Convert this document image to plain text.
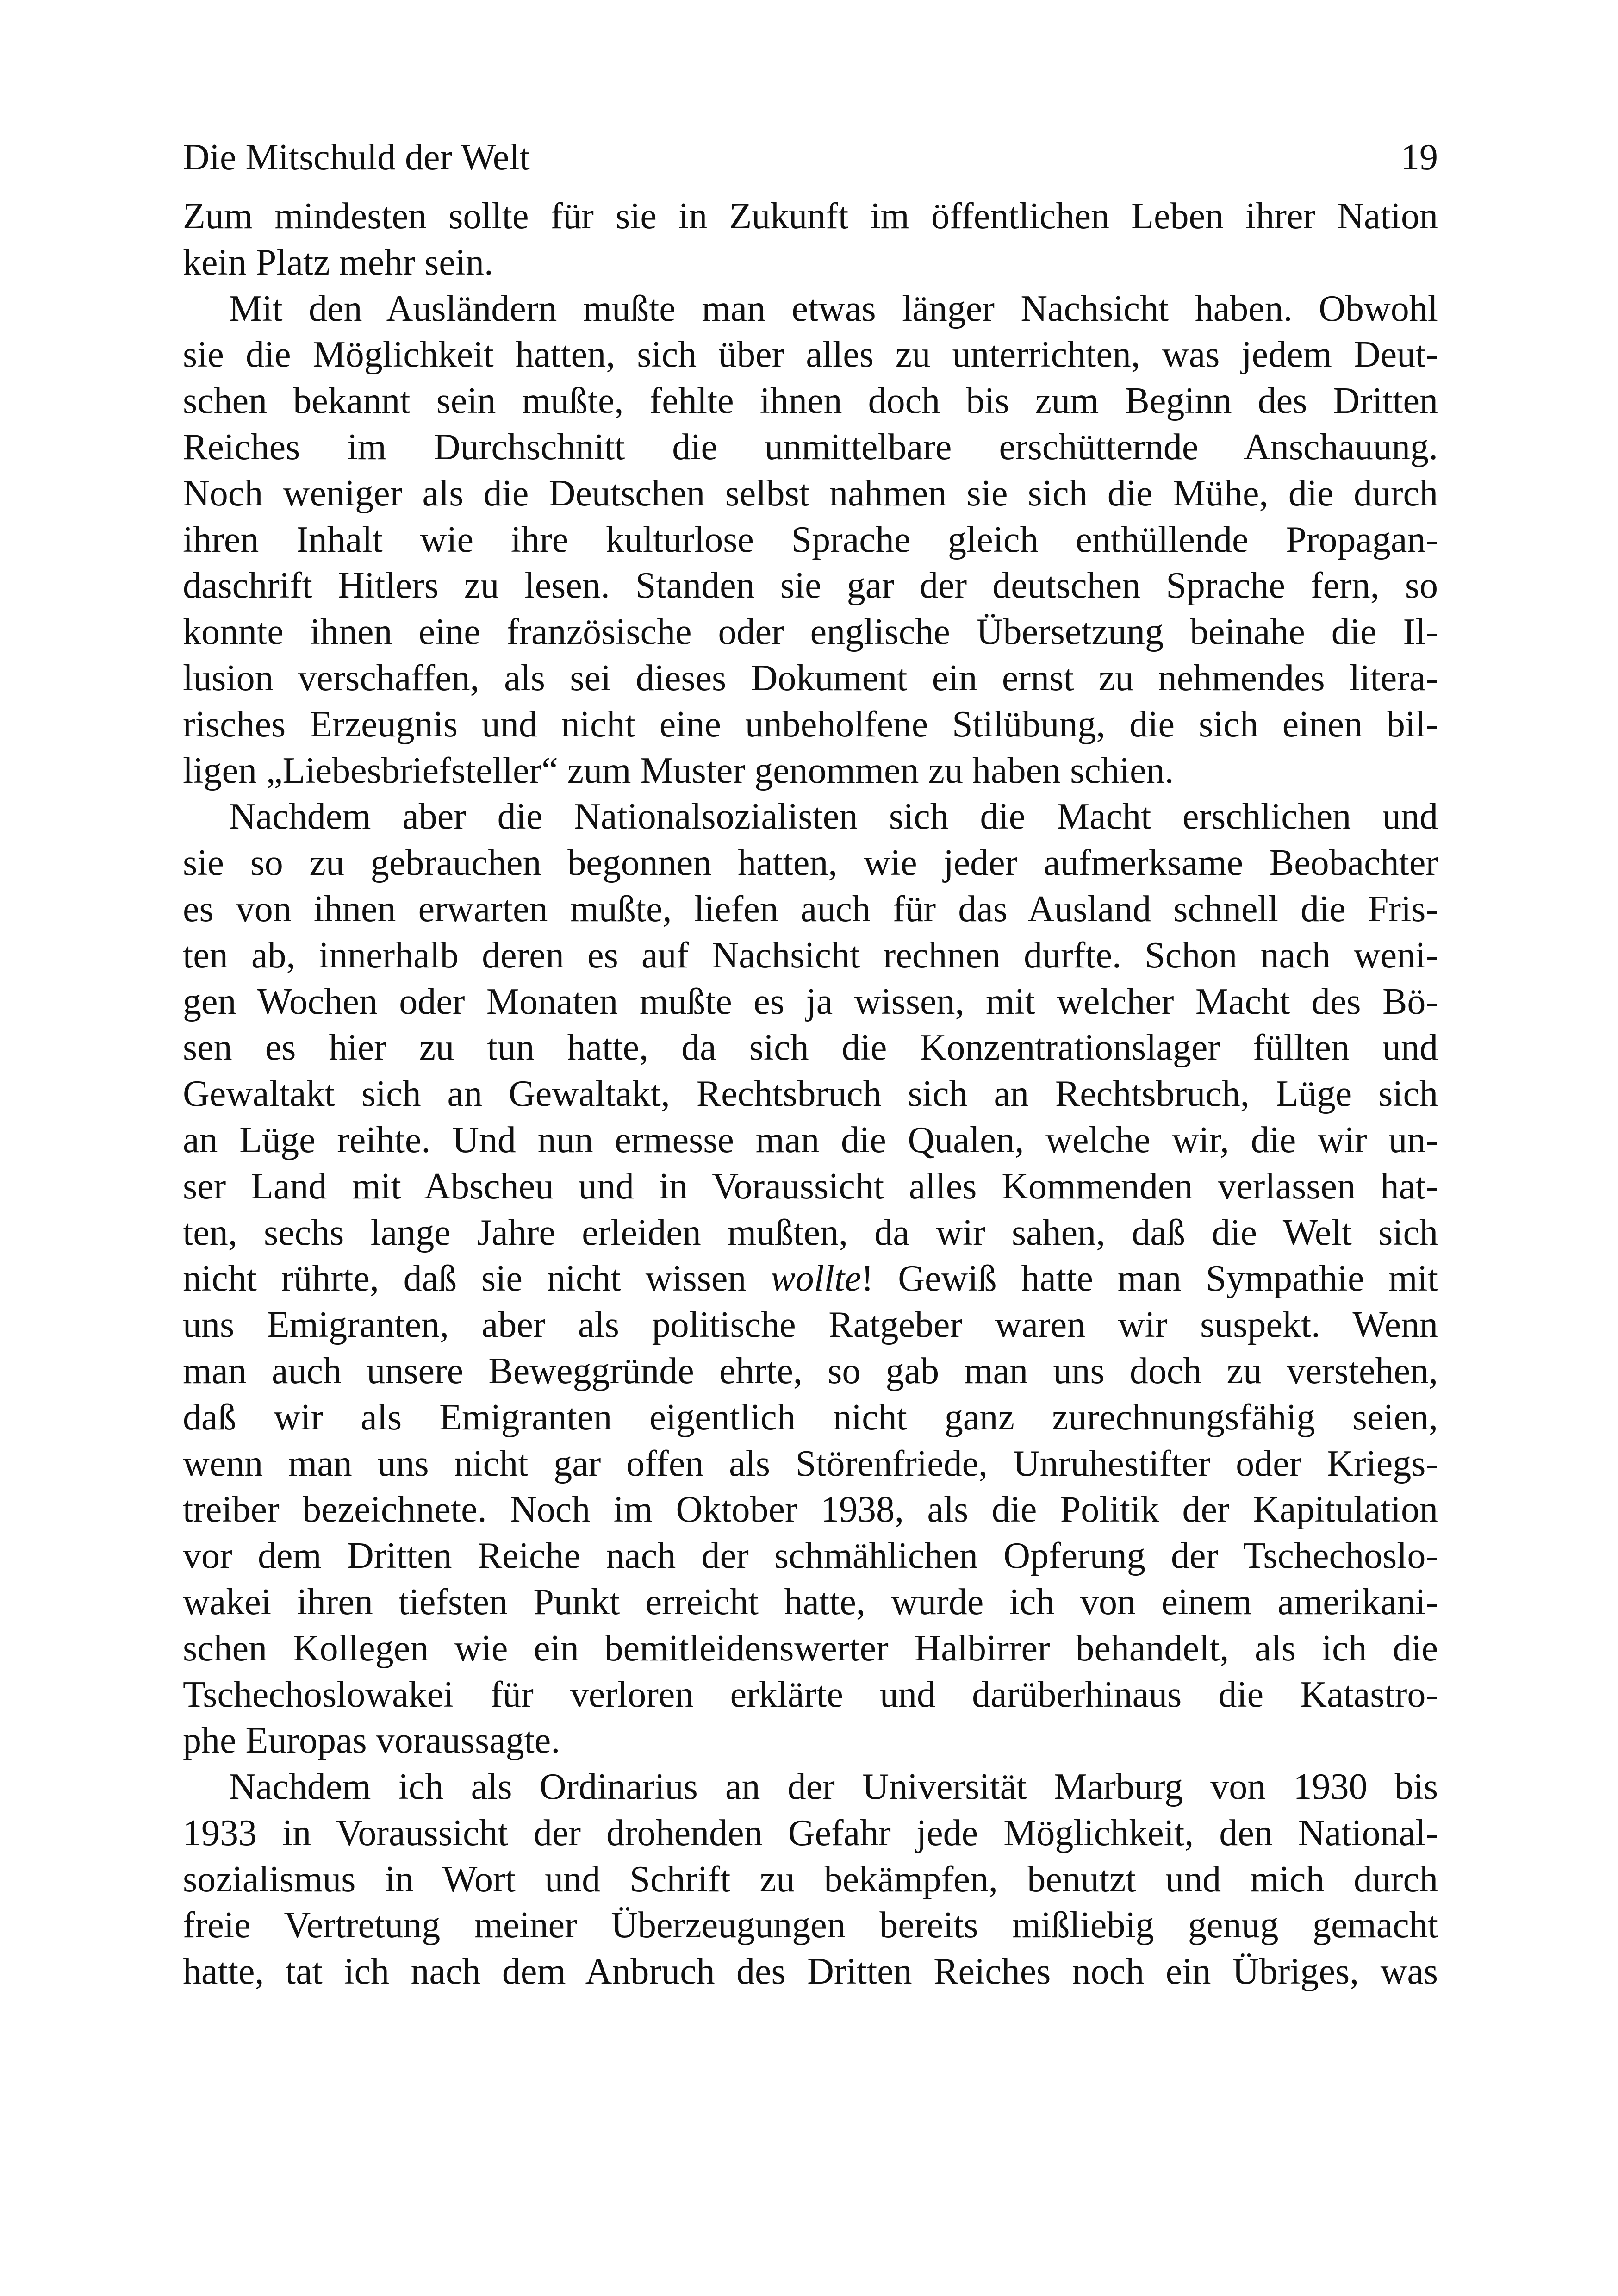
Die Mitschuld der Welt	19

Zum mindesten sollte für sie in Zukunft im öffentlichen Leben ihrer Nation
kein Platz mehr sein.

Mit den Ausländern mußte man etwas länger Nachsicht haben. Obwohl
sie die Möglichkeit hatten, sich über alles zu unterrichten, was jedem Deut-
schen bekannt sein mußte, fehlte ihnen doch bis zum Beginn des Dritten
Reiches im Durchschnitt die unmittelbare erschütternde Anschauung.
Noch weniger als die Deutschen selbst nahmen sie sich die Mühe, die durch
ihren Inhalt wie ihre kulturlose Sprache gleich enthüllende Propagan-
daschrift Hitlers zu lesen. Standen sie gar der deutschen Sprache fern, so
konnte ihnen eine französische oder englische Übersetzung beinahe die Il-
lusion verschaffen, als sei dieses Dokument ein ernst zu nehmendes litera-
risches Erzeugnis und nicht eine unbeholfene Stilübung, die sich einen bil-
ligen „Liebesbriefsteller“ zum Muster genommen zu haben schien.

Nachdem aber die Nationalsozialisten sich die Macht erschlichen und
sie so zu gebrauchen begonnen hatten, wie jeder aufmerksame Beobachter
es von ihnen erwarten mußte, liefen auch für das Ausland schnell die Fris-
ten ab, innerhalb deren es auf Nachsicht rechnen durfte. Schon nach weni-
gen Wochen oder Monaten mußte es ja wissen, mit welcher Macht des Bö-
sen es hier zu tun hatte, da sich die Konzentrationslager füllten und
Gewaltakt sich an Gewaltakt, Rechtsbruch sich an Rechtsbruch, Lüge sich
an Lüge reihte. Und nun ermesse man die Qualen, welche wir, die wir un-
ser Land mit Abscheu und in Voraussicht alles Kommenden verlassen hat-
ten, sechs lange Jahre erleiden mußten, da wir sahen, daß die Welt sich
nicht rührte, daß sie nicht wissen wollte! Gewiß hatte man Sympathie mit
uns Emigranten, aber als politische Ratgeber waren wir suspekt. Wenn
man auch unsere Beweggründe ehrte, so gab man uns doch zu verstehen,
daß wir als Emigranten eigentlich nicht ganz zurechnungsfähig seien,
wenn man uns nicht gar offen als Störenfriede, Unruhestifter oder Kriegs-
treiber bezeichnete. Noch im Oktober 1938, als die Politik der Kapitulation
vor dem Dritten Reiche nach der schmählichen Opferung der Tschechoslo-
wakei ihren tiefsten Punkt erreicht hatte, wurde ich von einem amerikani-
schen Kollegen wie ein bemitleidenswerter Halbirrer behandelt, als ich die
Tschechoslowakei für verloren erklärte und darüberhinaus die Katastro-
phe Europas voraussagte.

Nachdem ich als Ordinarius an der Universität Marburg von 1930 bis
1933 in Voraussicht der drohenden Gefahr jede Möglichkeit, den National-
sozialismus in Wort und Schrift zu bekämpfen, benutzt und mich durch
freie Vertretung meiner Überzeugungen bereits mißliebig genug gemacht
hatte, tat ich nach dem Anbruch des Dritten Reiches noch ein Übriges, was
